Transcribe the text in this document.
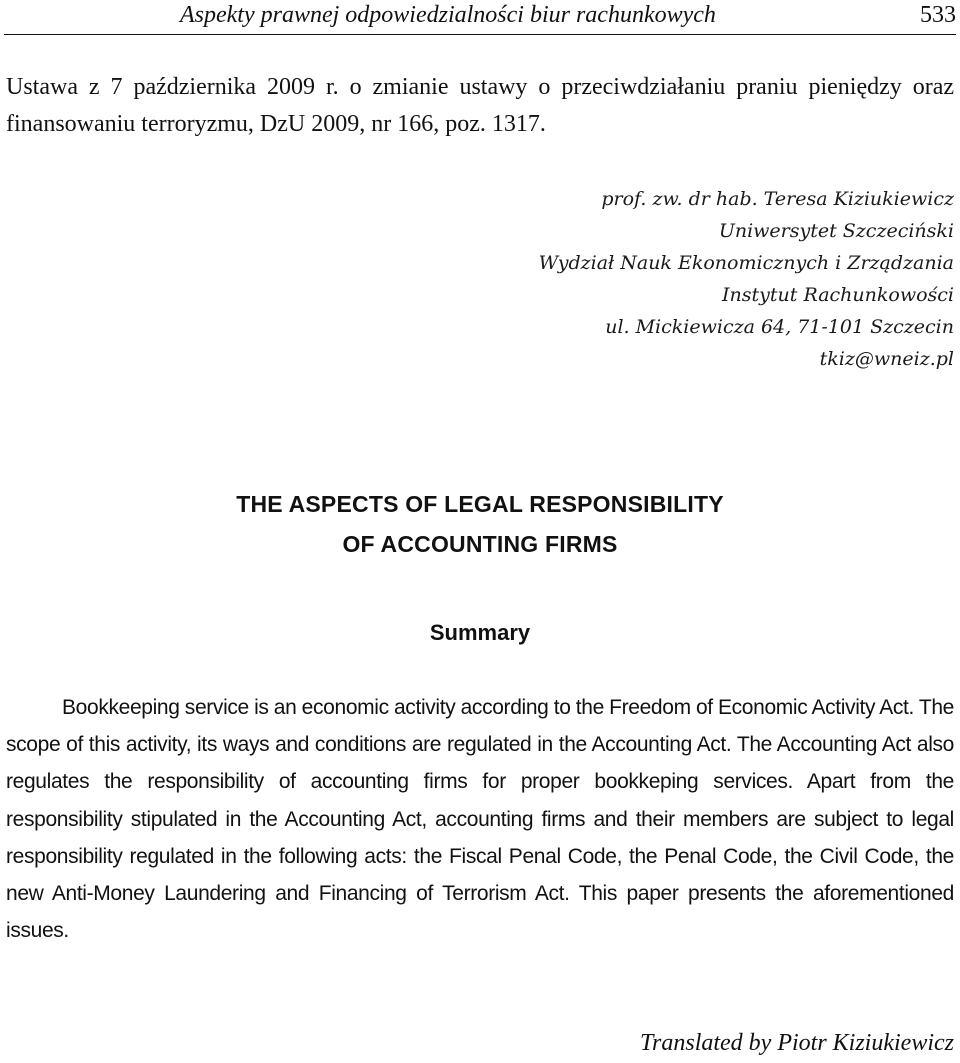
Aspekty prawnej odpowiedzialności biur rachunkowych	533

Ustawa z 7 października 2009 r. o zmianie ustawy o przeciwdziałaniu praniu pieniędzy oraz finansowaniu terroryzmu, DzU 2009, nr 166, poz. 1317.

prof. zw. dr hab. Teresa Kiziukiewicz
Uniwersytet Szczeciński
Wydział Nauk Ekonomicznych i Zrządzania
Instytut Rachunkowości
ul. Mickiewicza 64, 71-101 Szczecin
tkiz@wneiz.pl
THE ASPECTS OF LEGAL RESPONSIBILITY
OF ACCOUNTING FIRMS
Summary

Bookkeeping service is an economic activity according to the Freedom of Economic Activity Act. The scope of this activity, its ways and conditions are regulated in the Accounting Act. The Accounting Act also regulates the responsibility of accounting firms for proper bookkeping services. Apart from the responsibility stipulated in the Accounting Act, accounting firms and their members are subject to legal responsibility regulated in the following acts: the Fiscal Penal Code, the Penal Code, the Civil Code, the new Anti-Money Laundering and Financing of Terrorism Act. This paper presents the aforementioned issues.

Translated by Piotr Kiziukiewicz
